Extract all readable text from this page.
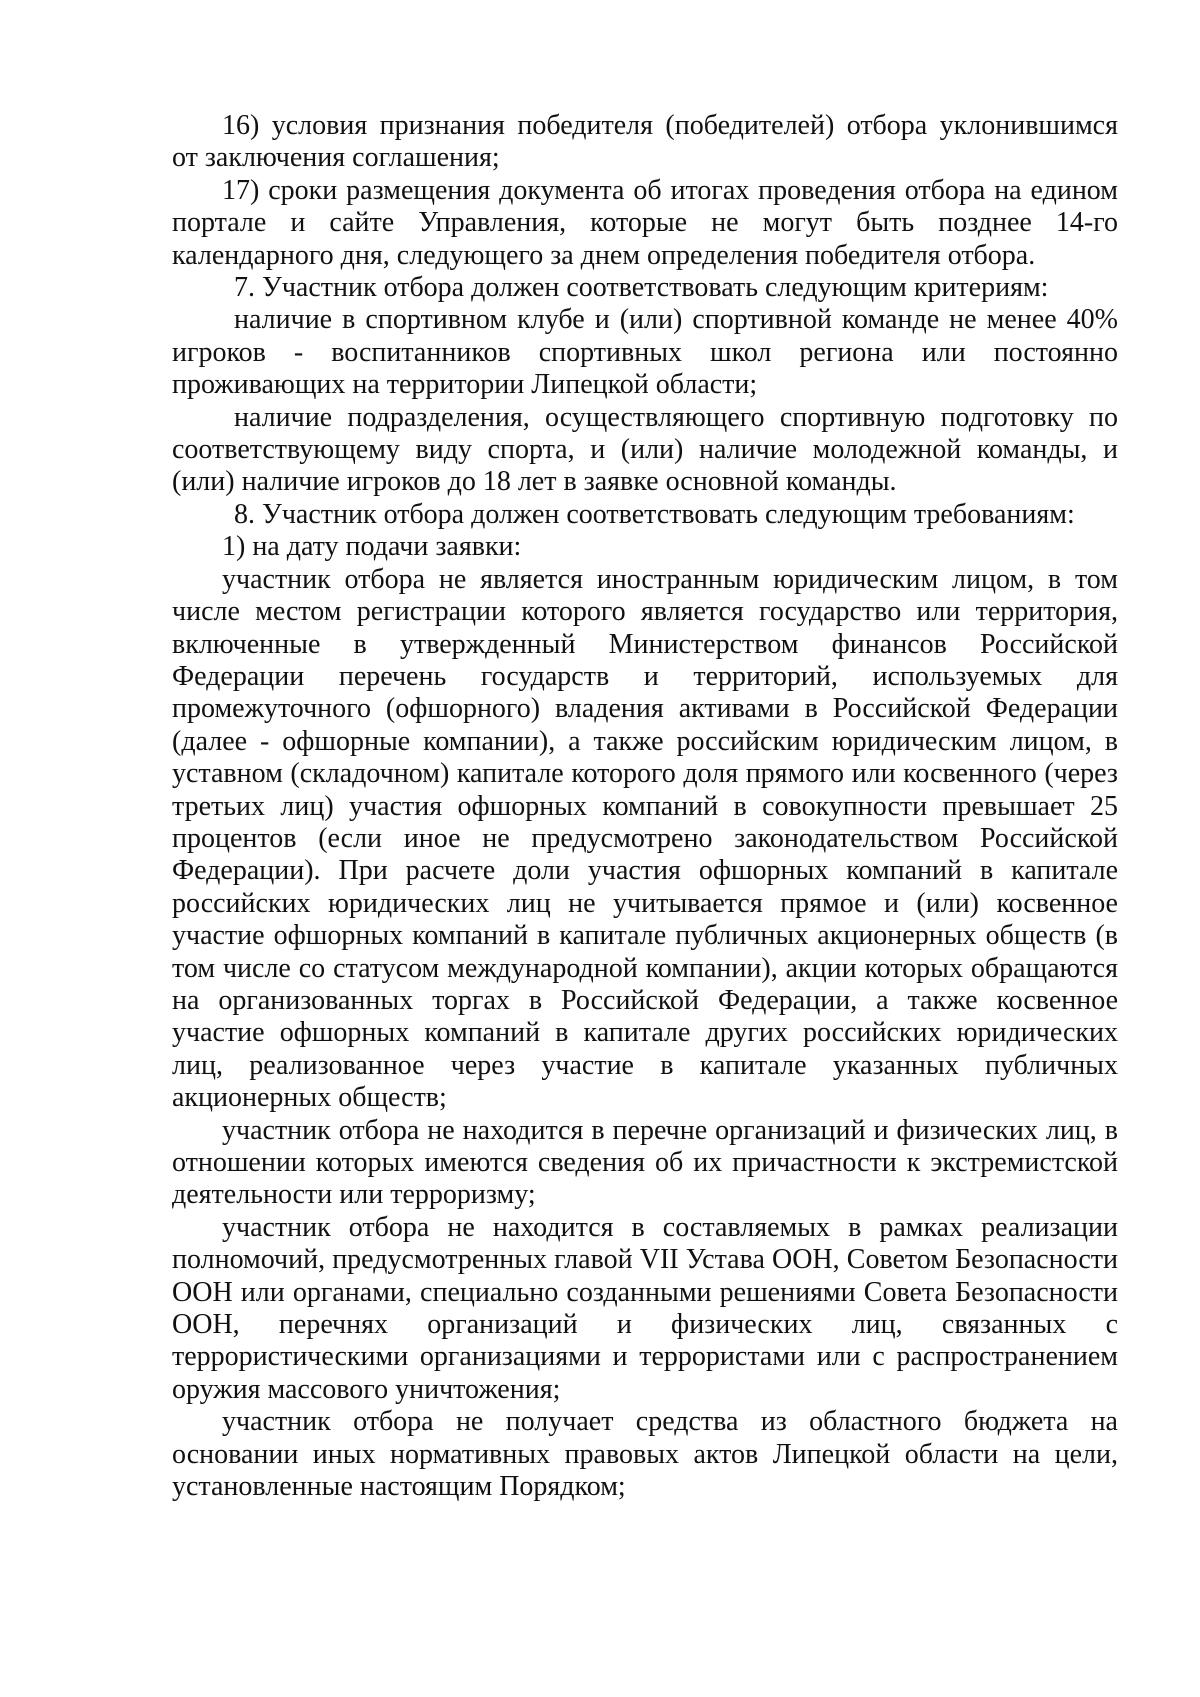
16) условия признания победителя (победителей) отбора уклонившимся от заключения соглашения;

17) сроки размещения документа об итогах проведения отбора на едином портале и сайте Управления, которые не могут быть позднее 14-го календарного дня, следующего за днем определения победителя отбора.

7. Участник отбора должен соответствовать следующим критериям:

наличие в спортивном клубе и (или) спортивной команде не менее 40% игроков - воспитанников спортивных школ региона или постоянно проживающих на территории Липецкой области;

наличие подразделения, осуществляющего спортивную подготовку по соответствующему виду спорта, и (или) наличие молодежной команды, и (или) наличие игроков до 18 лет в заявке основной команды.

8. Участник отбора должен соответствовать следующим требованиям:

1) на дату подачи заявки:

участник отбора не является иностранным юридическим лицом, в том числе местом регистрации которого является государство или территория, включенные в утвержденный Министерством финансов Российской Федерации перечень государств и территорий, используемых для промежуточного (офшорного) владения активами в Российской Федерации (далее - офшорные компании), а также российским юридическим лицом, в уставном (складочном) капитале которого доля прямого или косвенного (через третьих лиц) участия офшорных компаний в совокупности превышает 25 процентов (если иное не предусмотрено законодательством Российской Федерации). При расчете доли участия офшорных компаний в капитале российских юридических лиц не учитывается прямое и (или) косвенное участие офшорных компаний в капитале публичных акционерных обществ (в том числе со статусом международной компании), акции которых обращаются на организованных торгах в Российской Федерации, а также косвенное участие офшорных компаний в капитале других российских юридических лиц, реализованное через участие в капитале указанных публичных акционерных обществ;

участник отбора не находится в перечне организаций и физических лиц, в отношении которых имеются сведения об их причастности к экстремистской деятельности или терроризму;

участник отбора не находится в составляемых в рамках реализации полномочий, предусмотренных главой VII Устава ООН, Советом Безопасности ООН или органами, специально созданными решениями Совета Безопасности ООН, перечнях организаций и физических лиц, связанных с террористическими организациями и террористами или с распространением оружия массового уничтожения;

участник отбора не получает средства из областного бюджета на основании иных нормативных правовых актов Липецкой области на цели, установленные настоящим Порядком;
